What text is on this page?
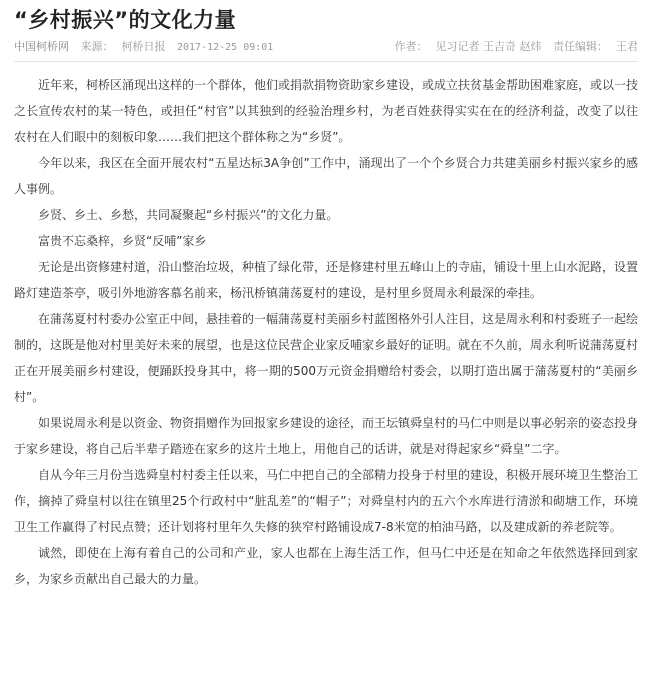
“乡村振兴”的文化力量
中国柯桥网 来源： 柯桥日报 2017-12-25 09:01	作者： 见习记者 王吉奇 赵炜 责任编辑： 王君

近年来，柯桥区涌现出这样的一个群体，他们或捐款捐物资助家乡建设，或成立扶贫基金帮助困难家庭，或以一技之长宣传农村的某一特色，或担任“村官”以其独到的经验治理乡村，为老百姓获得实实在在的经济利益，改变了以往农村在人们眼中的刻板印象……我们把这个群体称之为“乡贤”。

今年以来，我区在全面开展农村“五星达标3A争创”工作中，涌现出了一个个乡贤合力共建美丽乡村振兴家乡的感人事例。

乡贤、乡土、乡愁，共同凝聚起“乡村振兴”的文化力量。

富贵不忘桑梓，乡贤“反哺”家乡

无论是出资修建村道，沿山整治垃圾，种植了绿化带，还是修建村里五峰山上的寺庙，铺设十里上山水泥路，设置路灯建造茶亭，吸引外地游客慕名前来，杨汛桥镇蒲荡夏村的建设，是村里乡贤周永利最深的牵挂。

在蒲荡夏村村委办公室正中间，悬挂着的一幅蒲荡夏村美丽乡村蓝图格外引人注目，这是周永利和村委班子一起绘制的，这既是他对村里美好未来的展望，也是这位民营企业家反哺家乡最好的证明。就在不久前，周永利听说蒲荡夏村正在开展美丽乡村建设，便踊跃投身其中，将一期的500万元资金捐赠给村委会，以期打造出属于蒲荡夏村的“美丽乡村”。

如果说周永利是以资金、物资捐赠作为回报家乡建设的途径，而王坛镇舜皇村的马仁中则是以事必躬亲的姿态投身于家乡建设，将自己后半辈子踏迹在家乡的这片土地上，用他自己的话讲，就是对得起家乡“舜皇”二字。

自从今年三月份当选舜皇村村委主任以来，马仁中把自己的全部精力投身于村里的建设，积极开展环境卫生整治工作，摘掉了舜皇村以往在镇里25个行政村中“脏乱差”的“帽子”；对舜皇村内的五六个水库进行清淤和砌塘工作，环境卫生工作赢得了村民点赞；还计划将村里年久失修的狭窄村路铺设成7-8米宽的柏油马路，以及建成新的养老院等。

诚然，即使在上海有着自己的公司和产业，家人也都在上海生活工作，但马仁中还是在知命之年依然选择回到家乡，为家乡贡献出自己最大的力量。
